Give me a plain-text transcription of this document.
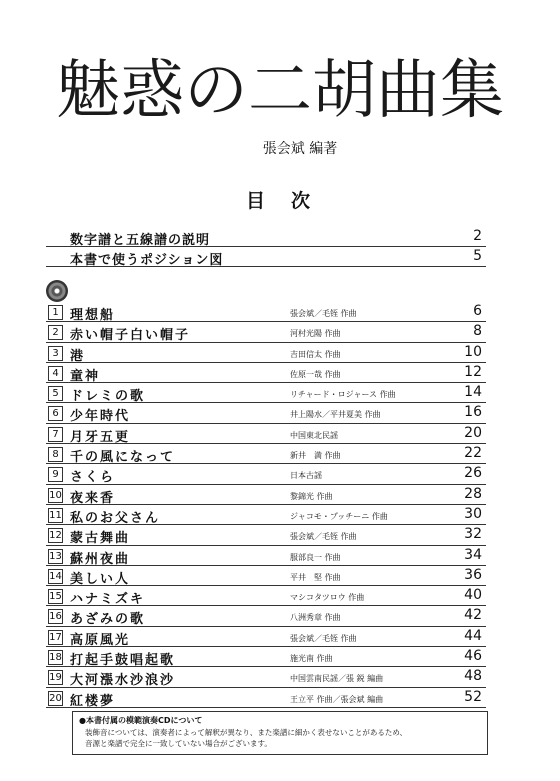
魅惑の二胡曲集
張会斌 編著
目次
数字譜と五線譜の説明	2
本書で使うポジション図	5
1 理想船	張会斌／毛铚 作曲	6
2 赤い帽子白い帽子	河村光陽 作曲	8
3 港	吉田信太 作曲	10
4 童神	佐原一哉 作曲	12
5 ドレミの歌	リチャード・ロジャース 作曲	14
6 少年時代	井上陽水／平井夏美 作曲	16
7 月牙五更	中国東北民謡	20
8 千の風になって	新井　満 作曲	22
9 さくら	日本古謡	26
10 夜来香	黎錦光 作曲	28
11 私のお父さん	ジャコモ・プッチーニ 作曲	30
12 蒙古舞曲	張会斌／毛铚 作曲	32
13 蘇州夜曲	服部良一 作曲	34
14 美しい人	平井　堅 作曲	36
15 ハナミズキ	マシコタツロウ 作曲	40
16 あざみの歌	八洲秀章 作曲	42
17 高原風光	張会斌／毛铚 作曲	44
18 打起手鼓唱起歌	施光南 作曲	46
19 大河漲水沙浪沙	中国雲南民謡／張 鋭 編曲	48
20 紅楼夢	王立平 作曲／張会斌 編曲	52
●本書付属の模範演奏CDについて
装飾音については、演奏者によって解釈が異なり、また楽譜に細かく表せないことがあるため、
音源と楽譜で完全に一致していない場合がございます。
